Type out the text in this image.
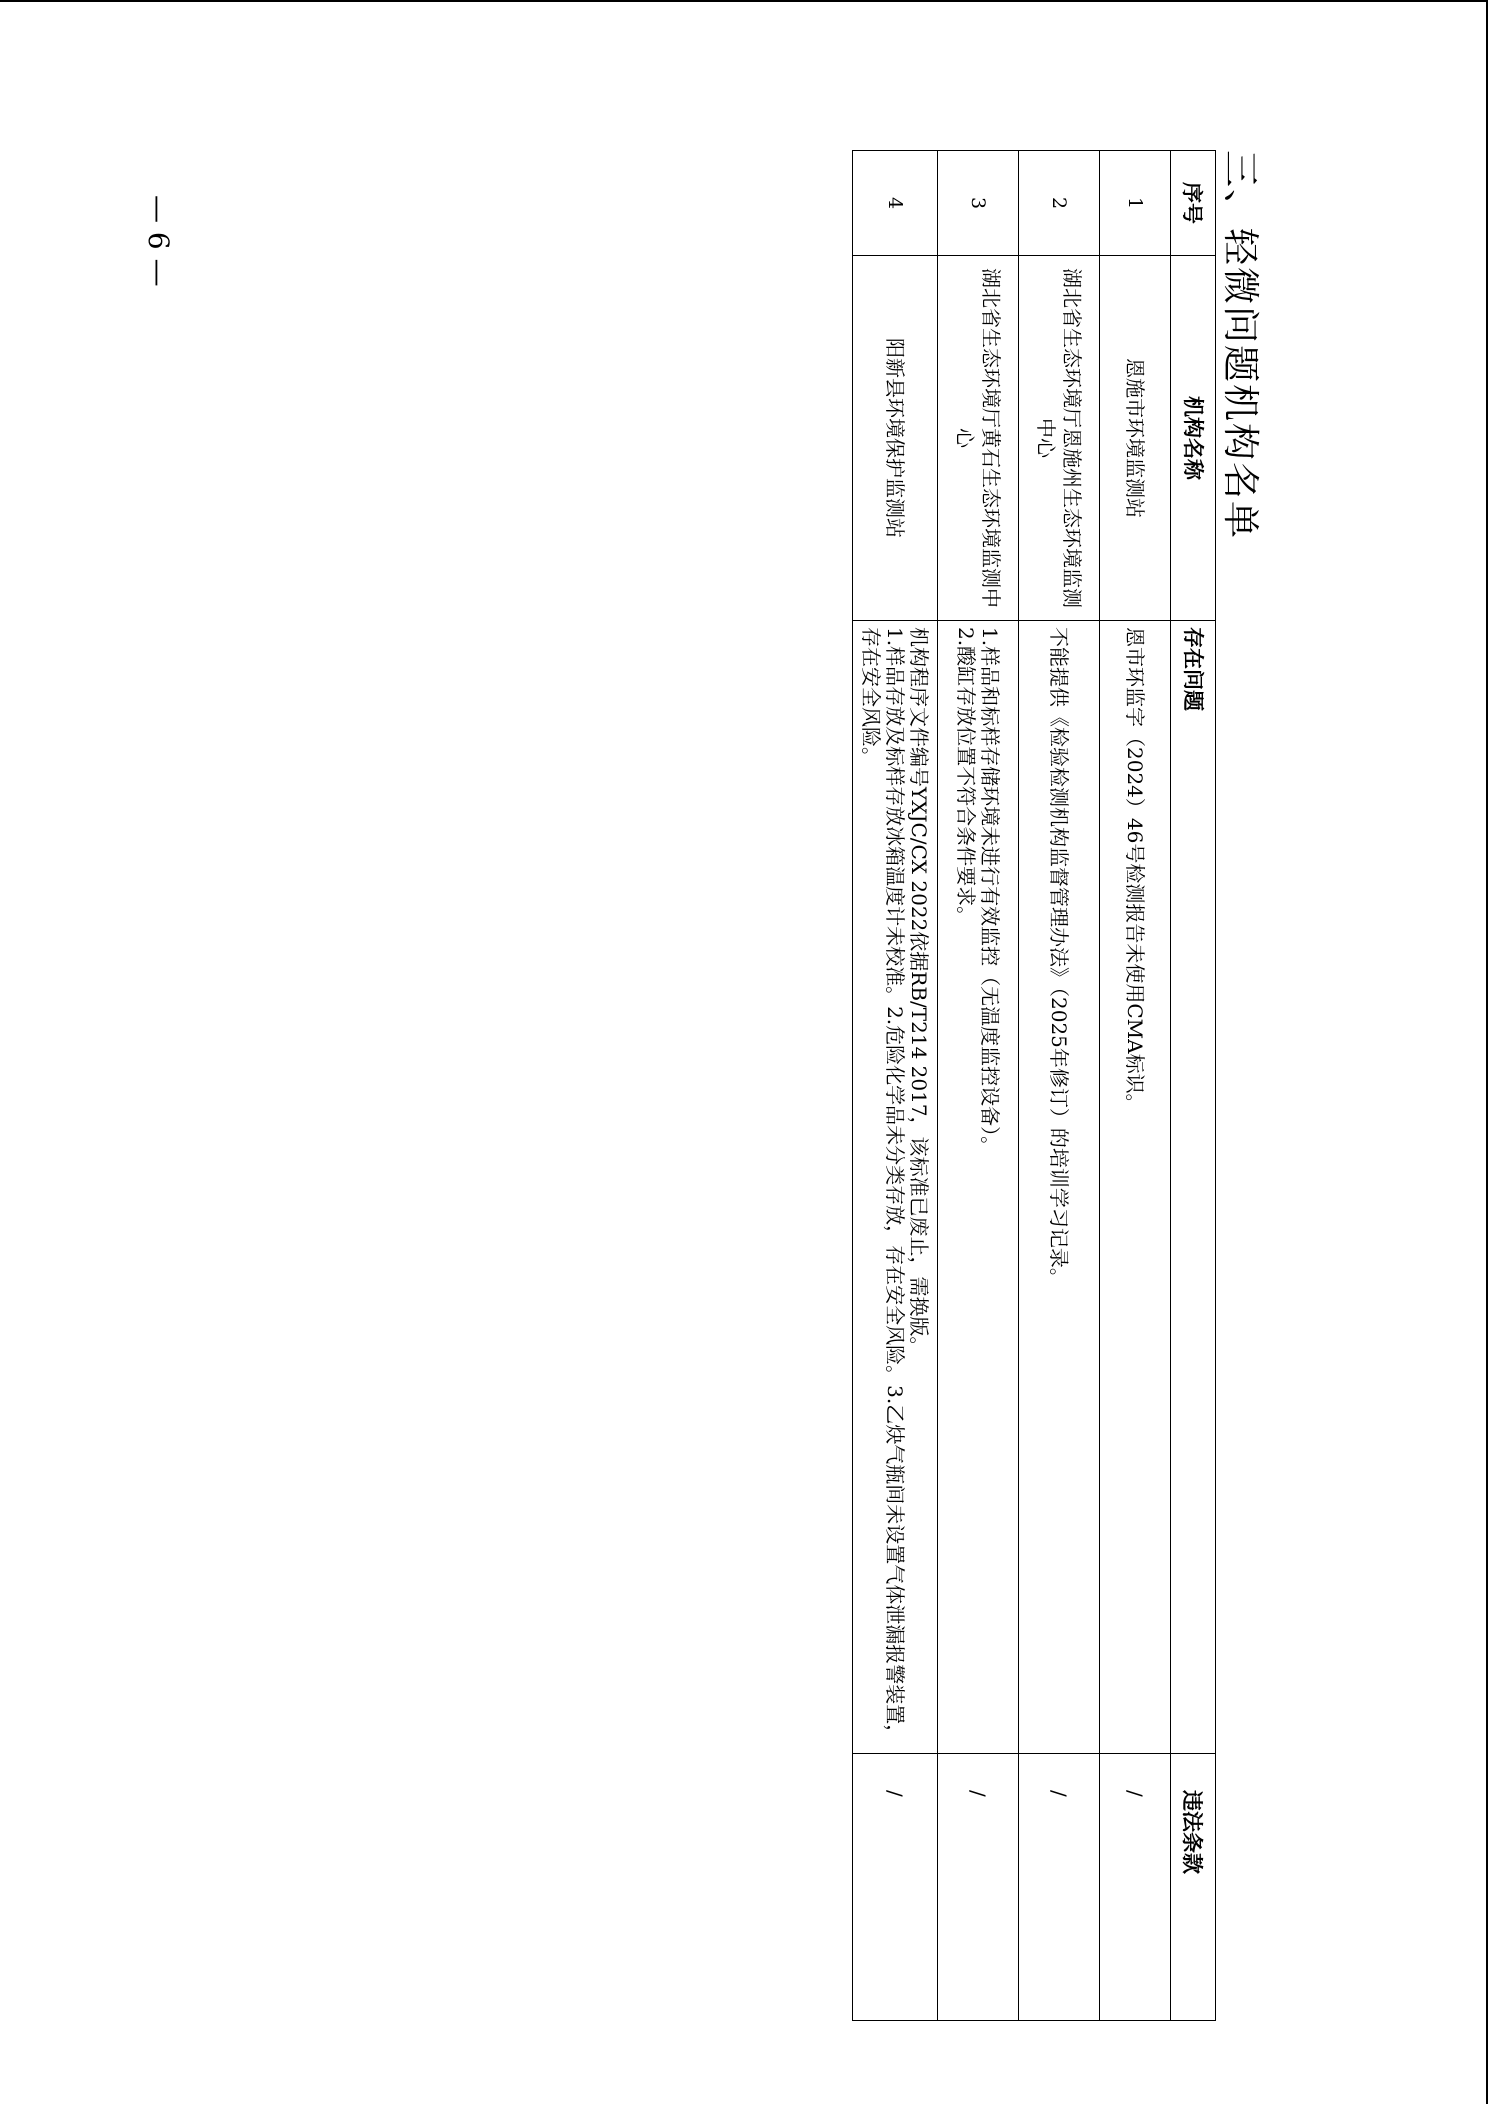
三、轻微问题机构名单
序号	机构名称	存在问题	违法条款
1	恩施市环境监测站	恩市环监字（2024）46号检测报告未使用CMA标识。	/
2	湖北省生态环境厅恩施州生态环境监测中心	不能提供《检验检测机构监督管理办法》（2025年修订）的培训学习记录。	/
3	湖北省生态环境厅黄石生态环境监测中心	1.样品和标样存储环境未进行有效监控（无温度监控设备）。
2.酸缸存放位置不符合条件要求。	/
4	阳新县环境保护监测站	机构程序文件编号YXJC/CX 2022依据RB/T214 2017，该标准已废止，需换版。
1.样品存放及标样存放冰箱温度计未校准。2.危险化学品未分类存放，存在安全风险。3.乙炔气瓶间未设置气体泄漏报警装置，存在安全风险。	/
— 6 —
